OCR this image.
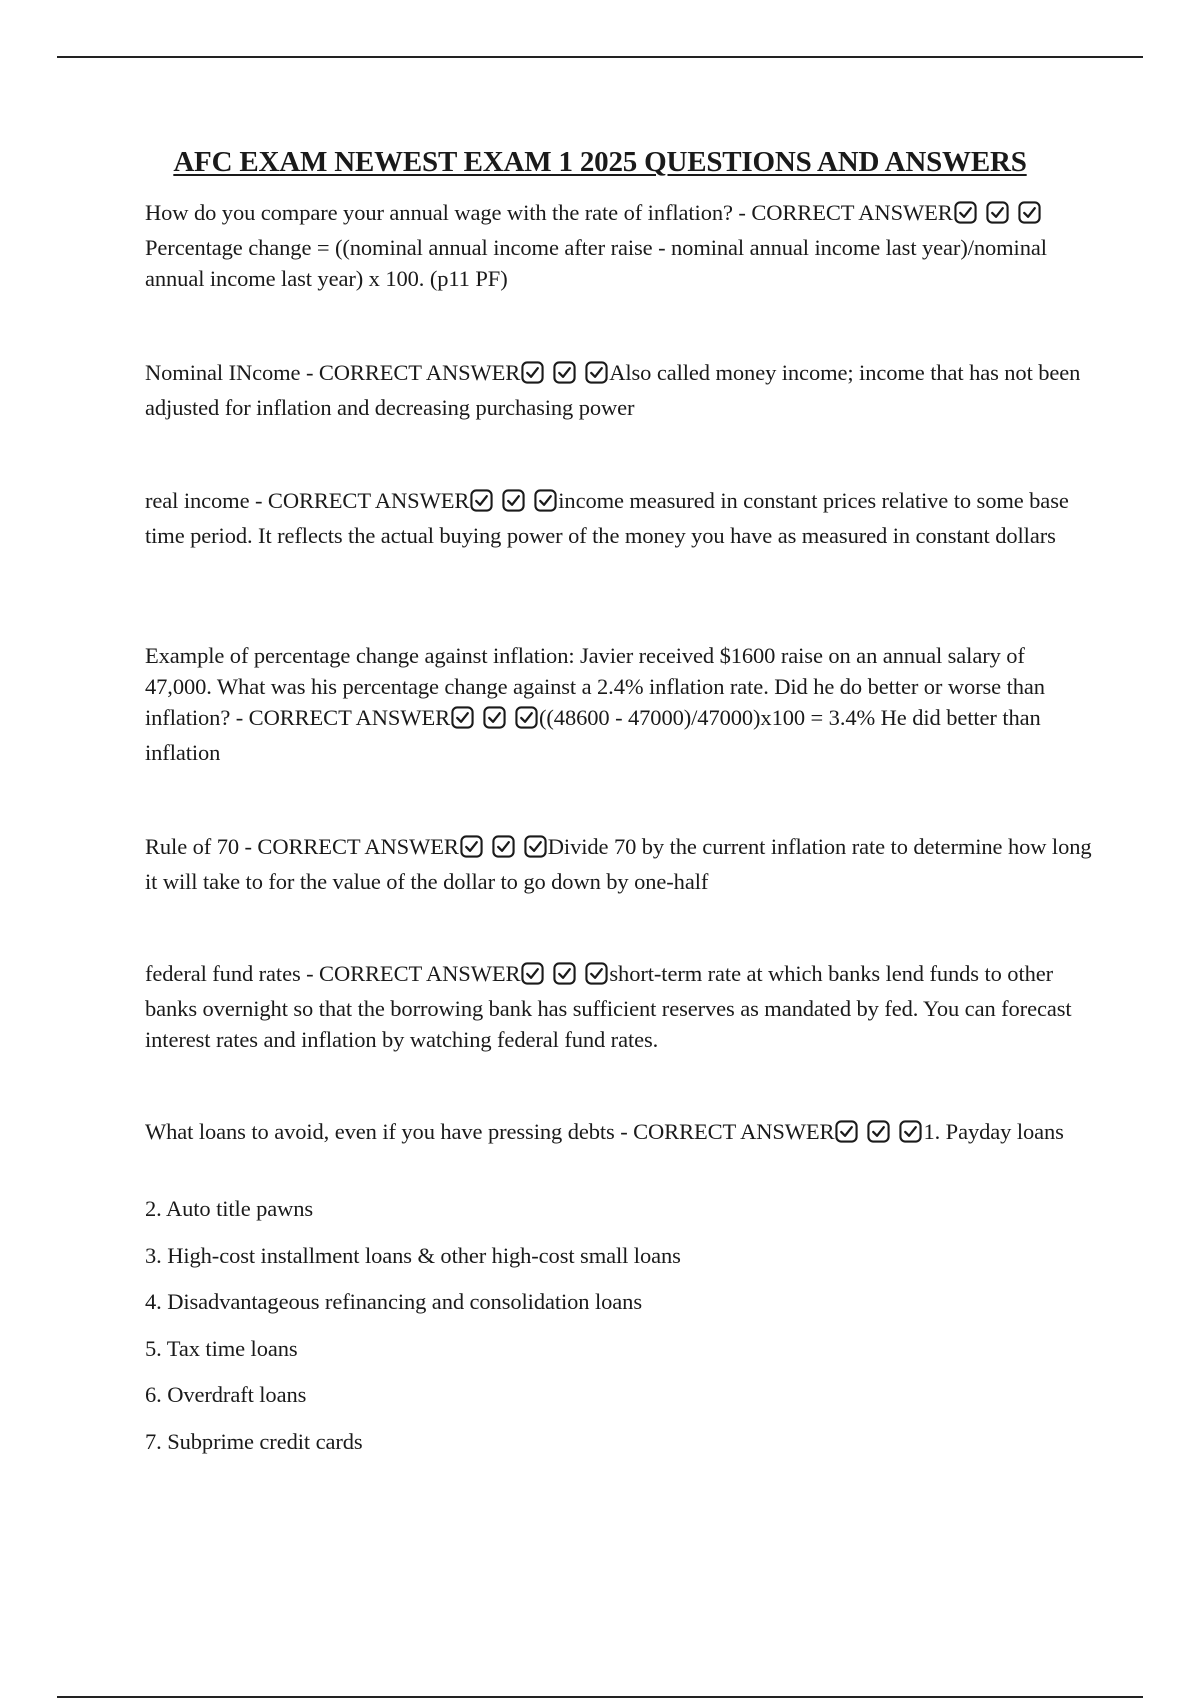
AFC EXAM NEWEST EXAM 1 2025 QUESTIONS AND ANSWERS

How do you compare your annual wage with the rate of inflation? - CORRECT ANSWER
Percentage change = ((nominal annual income after raise - nominal annual income last year)/nominal annual income last year) x 100. (p11 PF)

Nominal INcome - CORRECT ANSWER	Also called money income; income that has not been adjusted for inflation and decreasing purchasing power

real income - CORRECT ANSWER	income measured in constant prices relative to some base time period. It reflects the actual buying power of the money you have as measured in constant dollars

Example of percentage change against inflation: Javier received $1600 raise on an annual salary of 47,000. What was his percentage change against a 2.4% inflation rate. Did he do better or worse than inflation? - CORRECT ANSWER	((48600 - 47000)/47000)x100 = 3.4% He did better than inflation

Rule of 70 - CORRECT ANSWER	Divide 70 by the current inflation rate to determine how long it will take to for the value of the dollar to go down by one-half

federal fund rates - CORRECT ANSWER	short-term rate at which banks lend funds to other banks overnight so that the borrowing bank has sufficient reserves as mandated by fed. You can forecast interest rates and inflation by watching federal fund rates.

What loans to avoid, even if you have pressing debts - CORRECT ANSWER	1. Payday loans

2. Auto title pawns

3. High-cost installment loans & other high-cost small loans

4. Disadvantageous refinancing and consolidation loans

5. Tax time loans

6. Overdraft loans

7. Subprime credit cards
